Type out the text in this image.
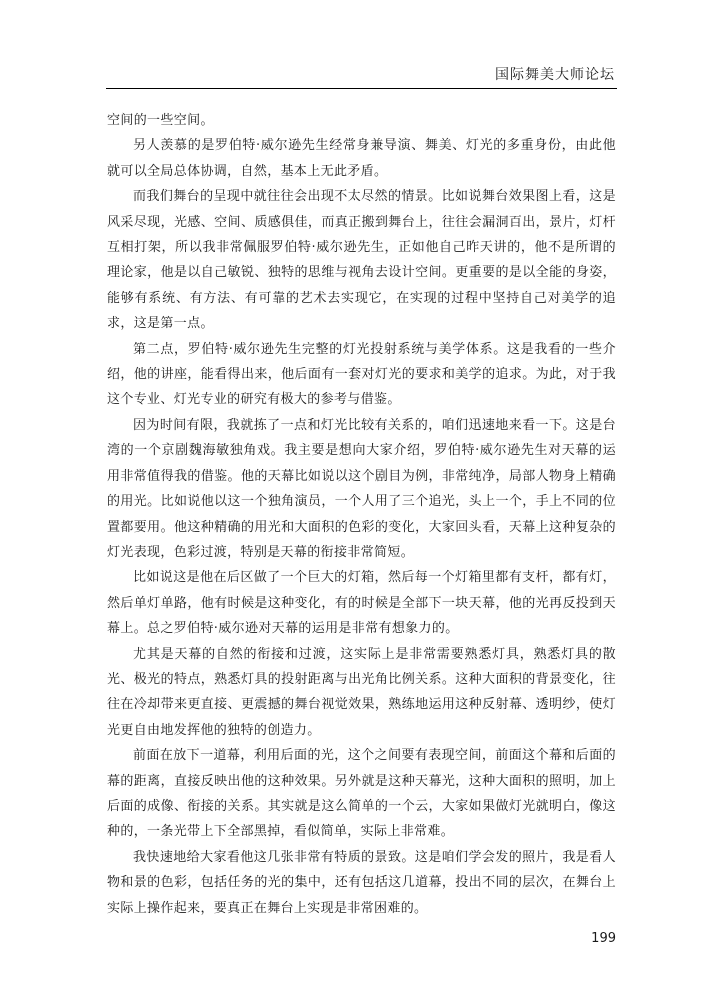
国际舞美大师论坛

空间的一些空间。

另人羡慕的是罗伯特·威尔逊先生经常身兼导演、舞美、灯光的多重身份，由此他就可以全局总体协调，自然，基本上无此矛盾。

而我们舞台的呈现中就往往会出现不太尽然的情景。比如说舞台效果图上看，这是风采尽现，光感、空间、质感俱佳，而真正搬到舞台上，往往会漏洞百出，景片，灯杆互相打架，所以我非常佩服罗伯特·威尔逊先生，正如他自己昨天讲的，他不是所谓的理论家，他是以自己敏锐、独特的思维与视角去设计空间。更重要的是以全能的身姿，能够有系统、有方法、有可靠的艺术去实现它，在实现的过程中坚持自己对美学的追求，这是第一点。

第二点，罗伯特·威尔逊先生完整的灯光投射系统与美学体系。这是我看的一些介绍，他的讲座，能看得出来，他后面有一套对灯光的要求和美学的追求。为此，对于我这个专业、灯光专业的研究有极大的参考与借鉴。

因为时间有限，我就拣了一点和灯光比较有关系的，咱们迅速地来看一下。这是台湾的一个京剧魏海敏独角戏。我主要是想向大家介绍，罗伯特·威尔逊先生对天幕的运用非常值得我的借鉴。他的天幕比如说以这个剧目为例，非常纯净，局部人物身上精确的用光。比如说他以这一个独角演员，一个人用了三个追光，头上一个，手上不同的位置都要用。他这种精确的用光和大面积的色彩的变化，大家回头看，天幕上这种复杂的灯光表现，色彩过渡，特别是天幕的衔接非常简短。

比如说这是他在后区做了一个巨大的灯箱，然后每一个灯箱里都有支杆，都有灯，然后单灯单路，他有时候是这种变化，有的时候是全部下一块天幕，他的光再反投到天幕上。总之罗伯特·威尔逊对天幕的运用是非常有想象力的。

尤其是天幕的自然的衔接和过渡，这实际上是非常需要熟悉灯具，熟悉灯具的散光、极光的特点，熟悉灯具的投射距离与出光角比例关系。这种大面积的背景变化，往往在冷却带来更直接、更震撼的舞台视觉效果，熟练地运用这种反射幕、透明纱，使灯光更自由地发挥他的独特的创造力。

前面在放下一道幕，利用后面的光，这个之间要有表现空间，前面这个幕和后面的幕的距离，直接反映出他的这种效果。另外就是这种天幕光，这种大面积的照明，加上后面的成像、衔接的关系。其实就是这么简单的一个云，大家如果做灯光就明白，像这种的，一条光带上下全部黑掉，看似简单，实际上非常难。

我快速地给大家看他这几张非常有特质的景致。这是咱们学会发的照片，我是看人物和景的色彩，包括任务的光的集中，还有包括这几道幕，投出不同的层次，在舞台上实际上操作起来，要真正在舞台上实现是非常困难的。

199
